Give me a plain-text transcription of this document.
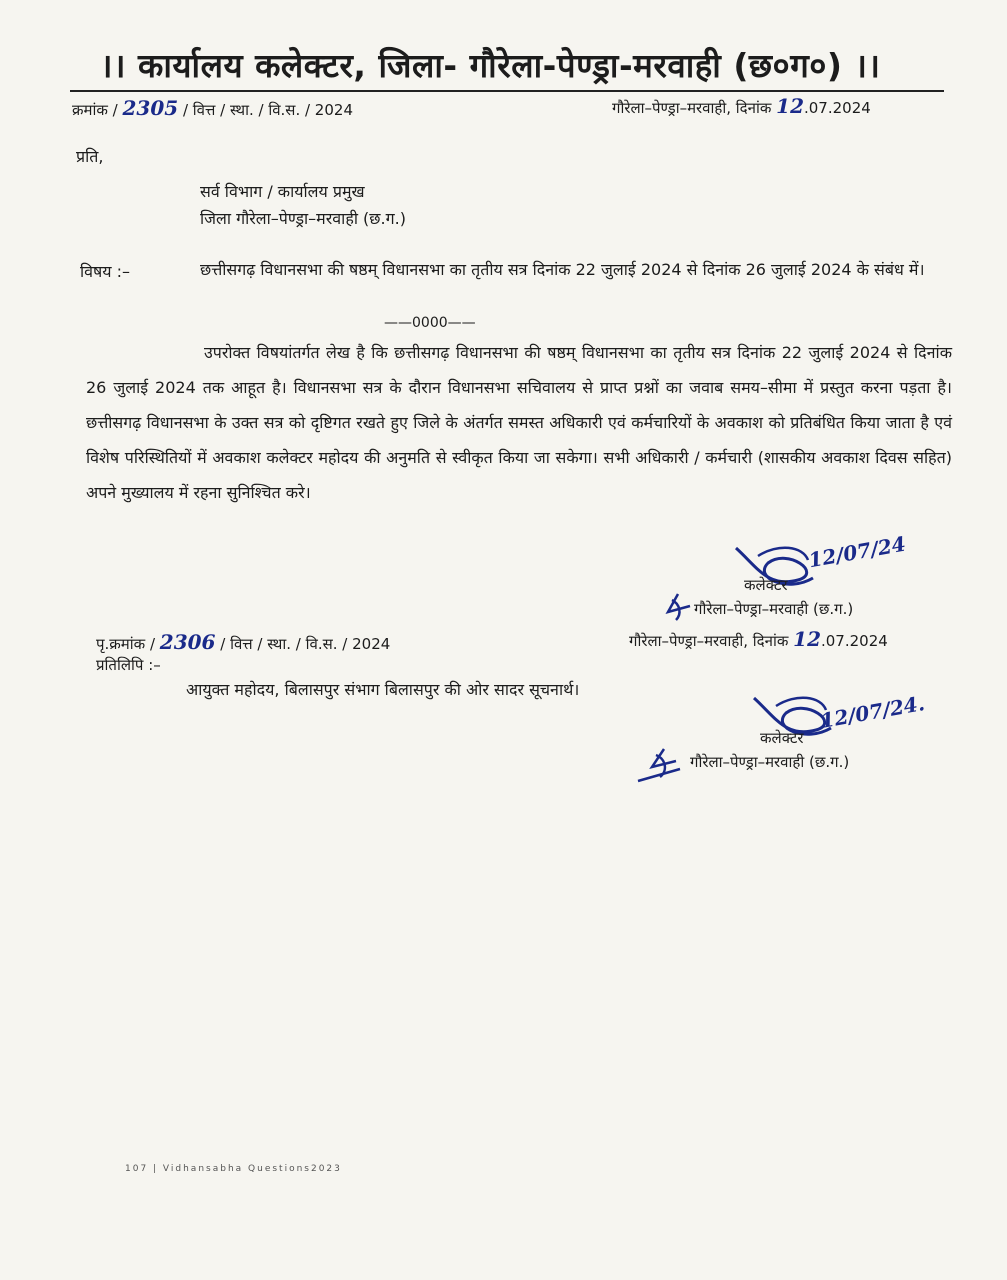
।। कार्यालय कलेक्टर, जिला- गौरेला-पेण्ड्रा-मरवाही (छ०ग०) ।।
क्रमांक / 2305 / वित्त / स्था. / वि.स. / 2024	गौरेला–पेण्ड्रा–मरवाही, दिनांक 12.07.2024
प्रति,
सर्व विभाग / कार्यालय प्रमुख
जिला गौरेला–पेण्ड्रा–मरवाही (छ.ग.)
विषय :–	छत्तीसगढ़ विधानसभा की षष्ठम् विधानसभा का तृतीय सत्र दिनांक 22 जुलाई 2024 से दिनांक 26 जुलाई 2024 के संबंध में।
——0000——
उपरोक्त विषयांतर्गत लेख है कि छत्तीसगढ़ विधानसभा की षष्ठम् विधानसभा का तृतीय सत्र दिनांक 22 जुलाई 2024 से दिनांक 26 जुलाई 2024 तक आहूत है। विधानसभा सत्र के दौरान विधानसभा सचिवालय से प्राप्त प्रश्नों का जवाब समय–सीमा में प्रस्तुत करना पड़ता है। छत्तीसगढ़ विधानसभा के उक्त सत्र को दृष्टिगत रखते हुए जिले के अंतर्गत समस्त अधिकारी एवं कर्मचारियों के अवकाश को प्रतिबंधित किया जाता है एवं विशेष परिस्थितियों में अवकाश कलेक्टर महोदय की अनुमति से स्वीकृत किया जा सकेगा। सभी अधिकारी / कर्मचारी (शासकीय अवकाश दिवस सहित) अपने मुख्यालय में रहना सुनिश्चित करे।
12/07/24
कलेक्टर
गौरेला–पेण्ड्रा–मरवाही (छ.ग.)
पृ.क्रमांक / 2306 / वित्त / स्था. / वि.स. / 2024	गौरेला–पेण्ड्रा–मरवाही, दिनांक 12.07.2024
प्रतिलिपि :–
आयुक्त महोदय, बिलासपुर संभाग बिलासपुर की ओर सादर सूचनार्थ।
12/07/24.
कलेक्टर
गौरेला–पेण्ड्रा–मरवाही (छ.ग.)
107 | Vidhansabha Questions2023
